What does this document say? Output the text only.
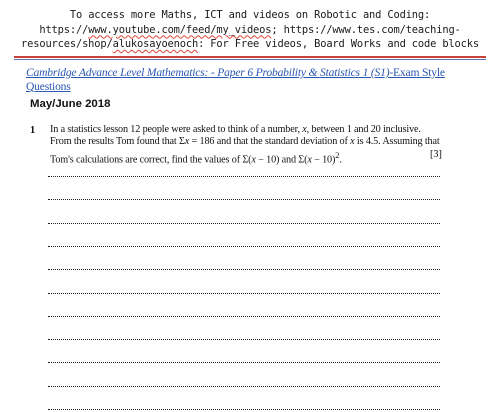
To access more Maths, ICT and videos on Robotic and Coding:
https://www.youtube.com/feed/my_videos; https://www.tes.com/teaching-
resources/shop/alukosayoenoch: For Free videos, Board Works and code blocks
Cambridge Advance Level Mathematics: - Paper 6 Probability & Statistics 1 (S1)-Exam Style Questions
May/June 2018
1 In a statistics lesson 12 people were asked to think of a number, x, between 1 and 20 inclusive. From the results Tom found that Σx = 186 and that the standard deviation of x is 4.5. Assuming that Tom's calculations are correct, find the values of Σ(x − 10) and $\Sigma(x - 10)^2$.	[3]
